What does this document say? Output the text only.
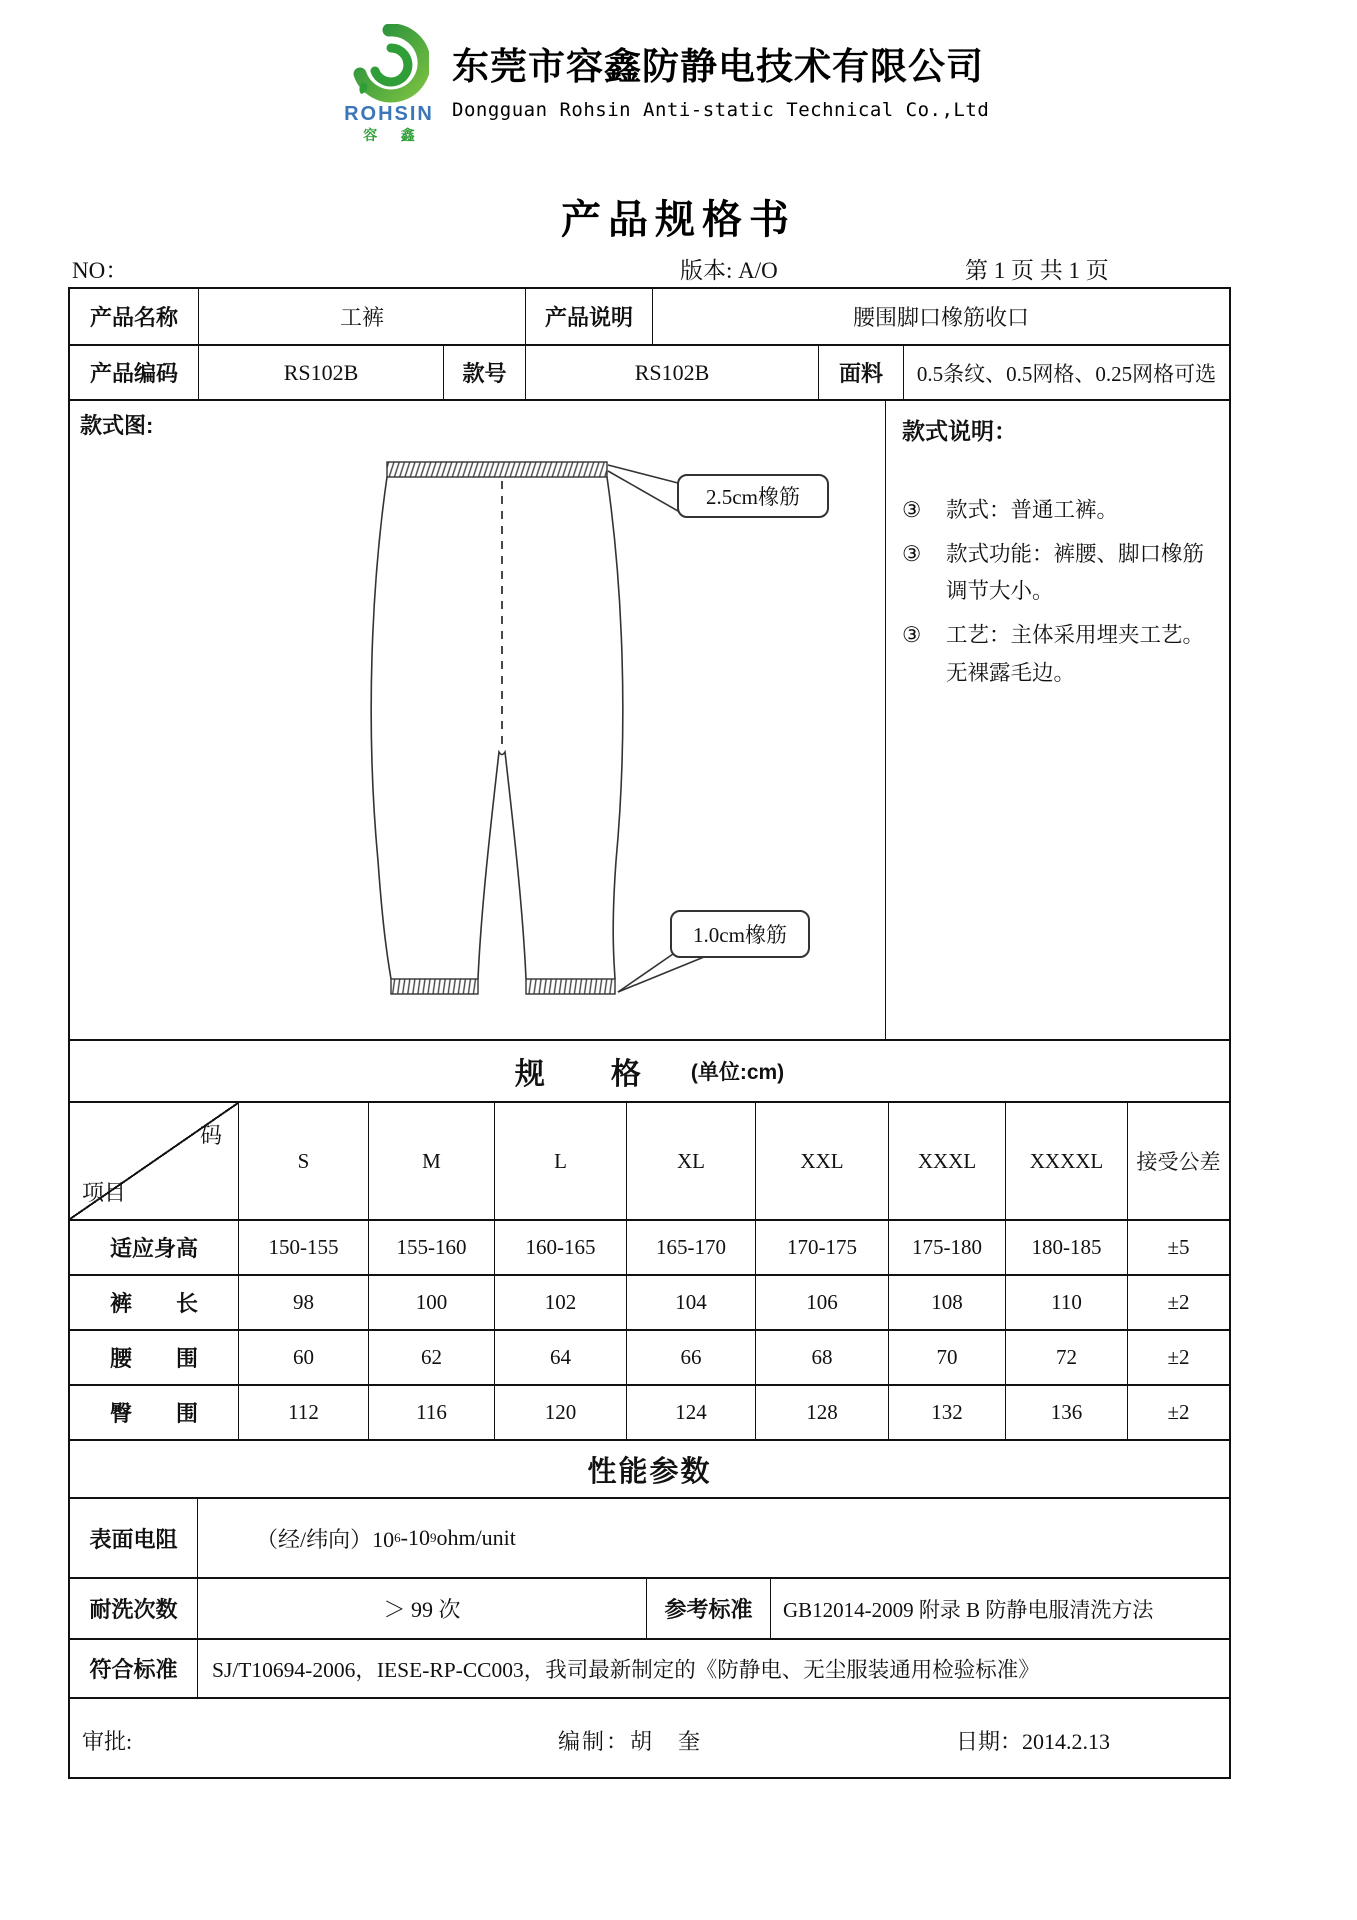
ROHSIN
容 鑫
东莞市容鑫防静电技术有限公司
Dongguan Rohsin Anti-static Technical Co.,Ltd
产品规格书
NO：	版本: A/O	第 1 页 共 1 页
产品名称	工裤	产品说明	腰围脚口橡筋收口
产品编码	RS102B	款号	RS102B	面料	0.5条纹、0.5网格、0.25网格可选
款式图:
2.5cm橡筋
1.0cm橡筋
款式说明：
③	款式：普通工裤。
③	款式功能：裤腰、脚口橡筋调节大小。
③	工艺：主体采用埋夹工艺。无裸露毛边。
规　　格 (单位:cm)
码
项目
S	M	L	XL	XXL	XXXL	XXXXL	接受公差
适应身高	150-155	155-160	160-165	165-170	170-175	175-180	180-185	±5
裤　　长	98	100	102	104	106	108	110	±2
腰　　围	60	62	64	66	68	70	72	±2
臀　　围	112	116	120	124	128	132	136	±2
性能参数
表面电阻	（经/纬向）10 6 -10 9 ohm/unit
耐洗次数	＞ 99 次	参考标准	GB12014-2009 附录 B 防静电服清洗方法
符合标准	SJ/T10694-2006，IESE-RP-CC003，我司最新制定的《防静电、无尘服装通用检验标准》
审批:	编制：胡　奎	日期：2014.2.13
